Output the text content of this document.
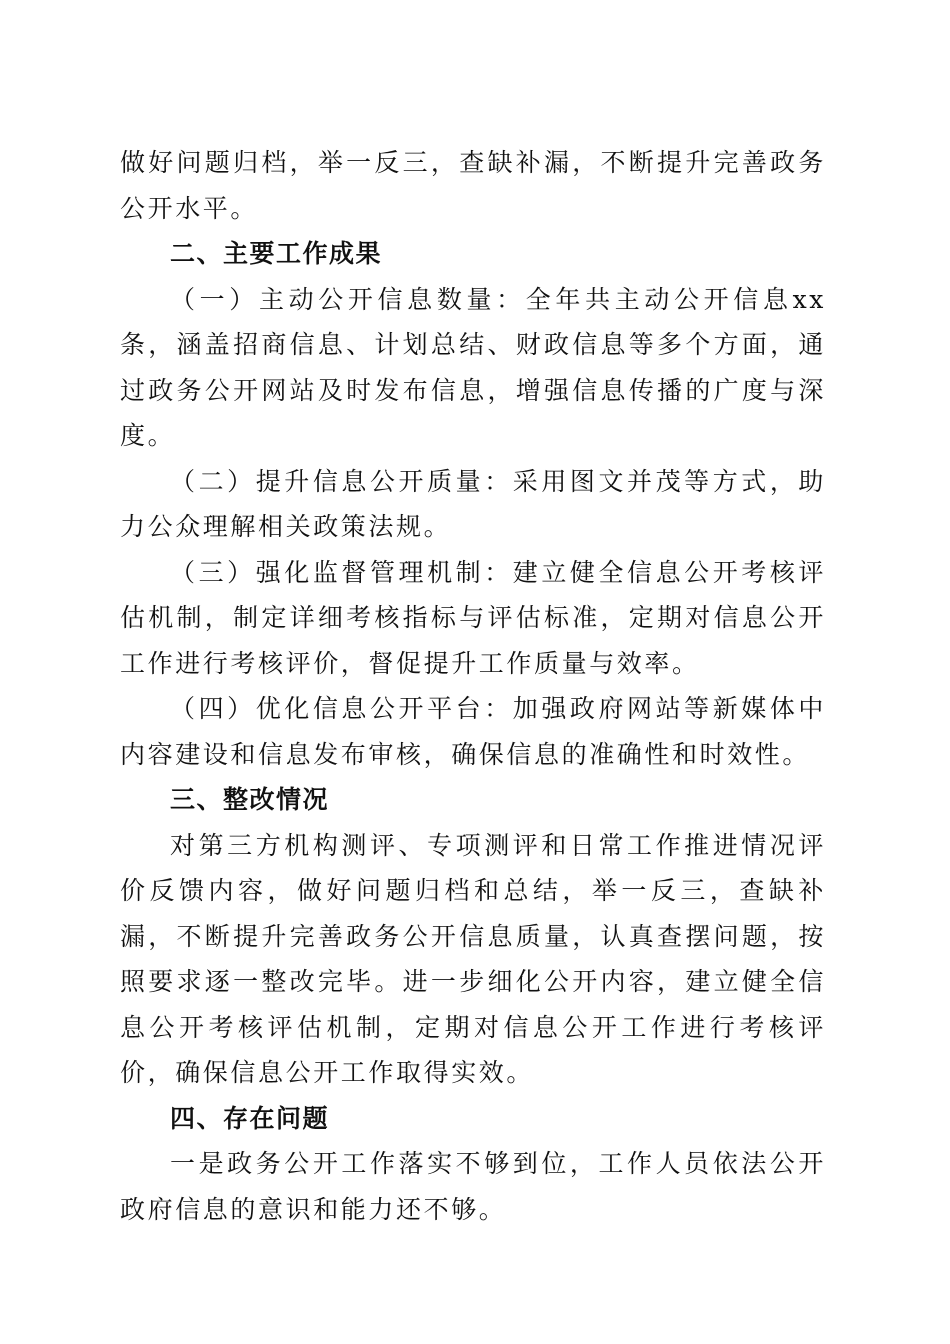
做好问题归档，举一反三，查缺补漏，不断提升完善政务公开水平。

二、主要工作成果

（一）主动公开信息数量：全年共主动公开信息xx条，涵盖招商信息、计划总结、财政信息等多个方面，通过政务公开网站及时发布信息，增强信息传播的广度与深度。

（二）提升信息公开质量：采用图文并茂等方式，助力公众理解相关政策法规。

（三）强化监督管理机制：建立健全信息公开考核评估机制，制定详细考核指标与评估标准，定期对信息公开工作进行考核评价，督促提升工作质量与效率。

（四）优化信息公开平台：加强政府网站等新媒体中内容建设和信息发布审核，确保信息的准确性和时效性。

三、整改情况

对第三方机构测评、专项测评和日常工作推进情况评价反馈内容，做好问题归档和总结，举一反三，查缺补漏，不断提升完善政务公开信息质量，认真查摆问题，按照要求逐一整改完毕。进一步细化公开内容，建立健全信息公开考核评估机制，定期对信息公开工作进行考核评价，确保信息公开工作取得实效。

四、存在问题

一是政务公开工作落实不够到位，工作人员依法公开政府信息的意识和能力还不够。
